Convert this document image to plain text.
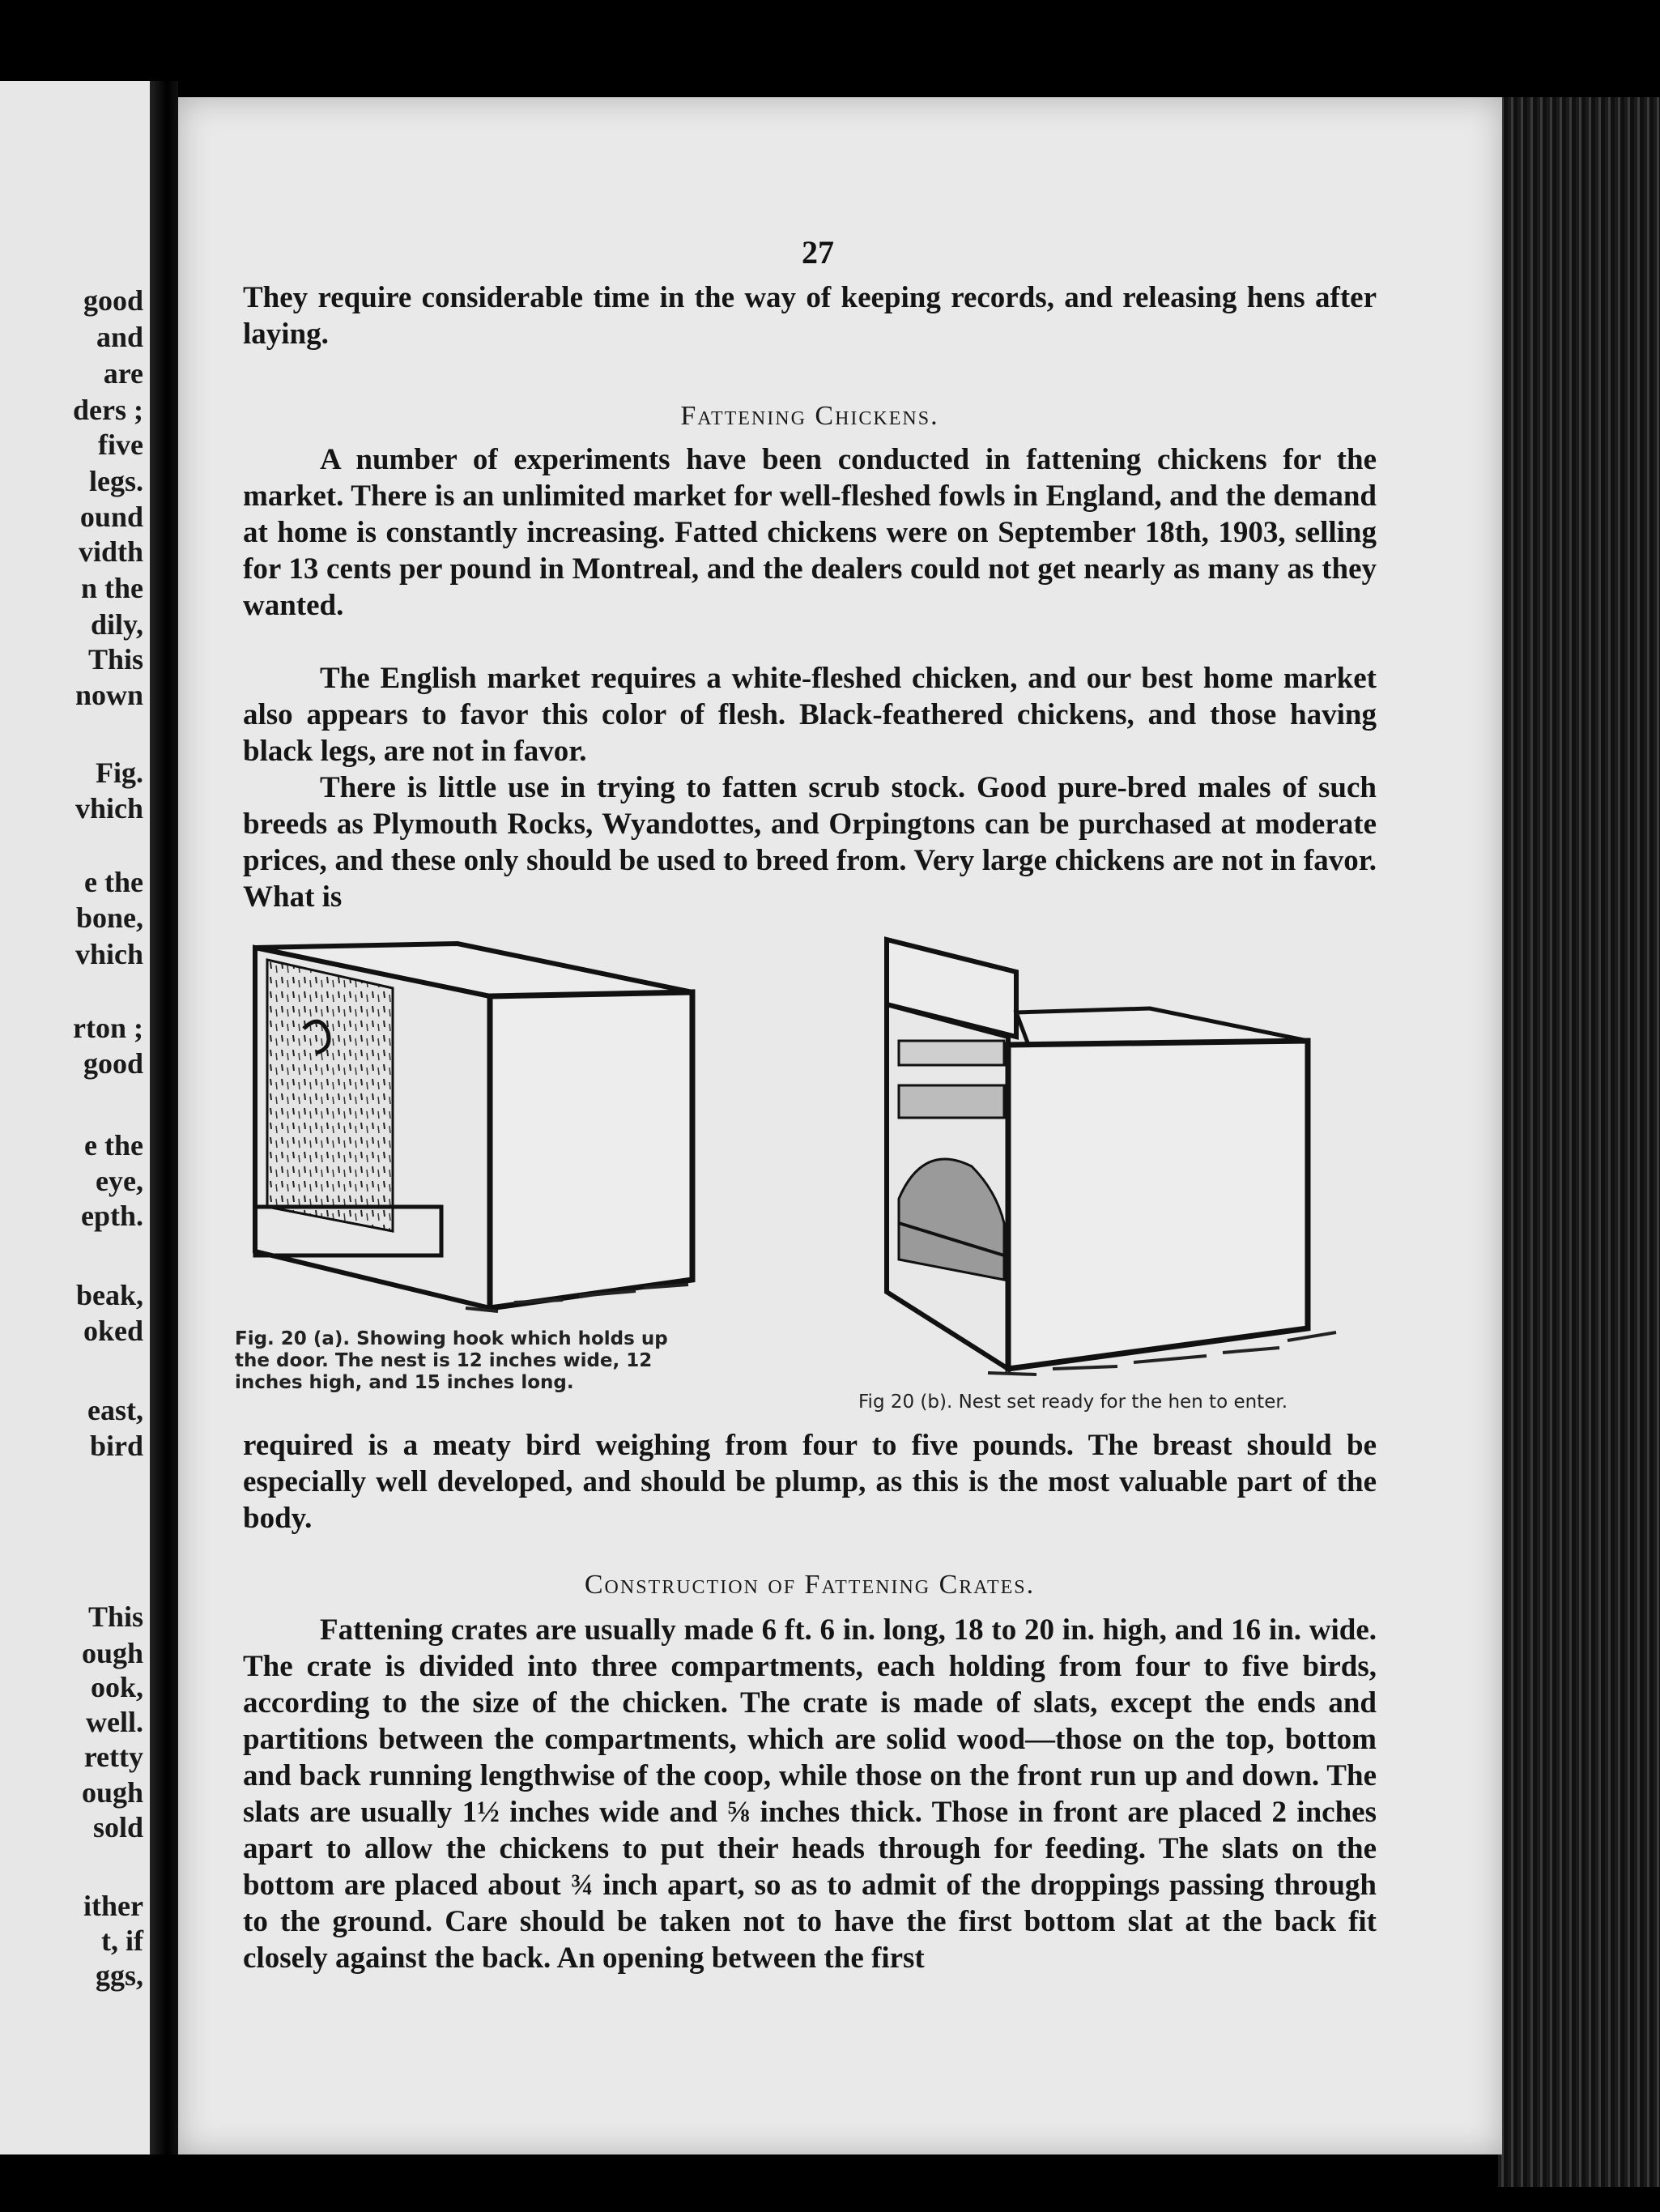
good
and
are
ders ;
five
legs.
ound
vidth
n the
dily,
This
nown
Fig.
vhich
e the
bone,
vhich
rton ;
good
e the
eye,
epth.
beak,
oked
east,
bird
This
ough
ook,
well.
retty
ough
sold
ither
t, if
ggs,
27

They require considerable time in the way of keeping records, and releasing hens after laying.

Fattening Chickens.

A number of experiments have been conducted in fattening chickens for the market. There is an unlimited market for well-fleshed fowls in England, and the demand at home is constantly increasing. Fatted chickens were on September 18th, 1903, selling for 13 cents per pound in Montreal, and the dealers could not get nearly as many as they wanted.

The English market requires a white-fleshed chicken, and our best home market also appears to favor this color of flesh. Black-feathered chickens, and those having black legs, are not in favor.

There is little use in trying to fatten scrub stock. Good pure-bred males of such breeds as Plymouth Rocks, Wyandottes, and Orpingtons can be purchased at moderate prices, and these only should be used to breed from. Very large chickens are not in favor. What is

Fig. 20 (a). Showing hook which holds up the door. The nest is 12 inches wide, 12 inches high, and 15 inches long.
Fig 20 (b). Nest set ready for the hen to enter.

required is a meaty bird weighing from four to five pounds. The breast should be especially well developed, and should be plump, as this is the most valuable part of the body.

Construction of Fattening Crates.

Fattening crates are usually made 6 ft. 6 in. long, 18 to 20 in. high, and 16 in. wide. The crate is divided into three compartments, each holding from four to five birds, according to the size of the chicken. The crate is made of slats, except the ends and partitions between the compartments, which are solid wood—those on the top, bottom and back running lengthwise of the coop, while those on the front run up and down. The slats are usually 1½ inches wide and ⅝ inches thick. Those in front are placed 2 inches apart to allow the chickens to put their heads through for feeding. The slats on the bottom are placed about ¾ inch apart, so as to admit of the droppings passing through to the ground. Care should be taken not to have the first bottom slat at the back fit closely against the back. An opening between the first
